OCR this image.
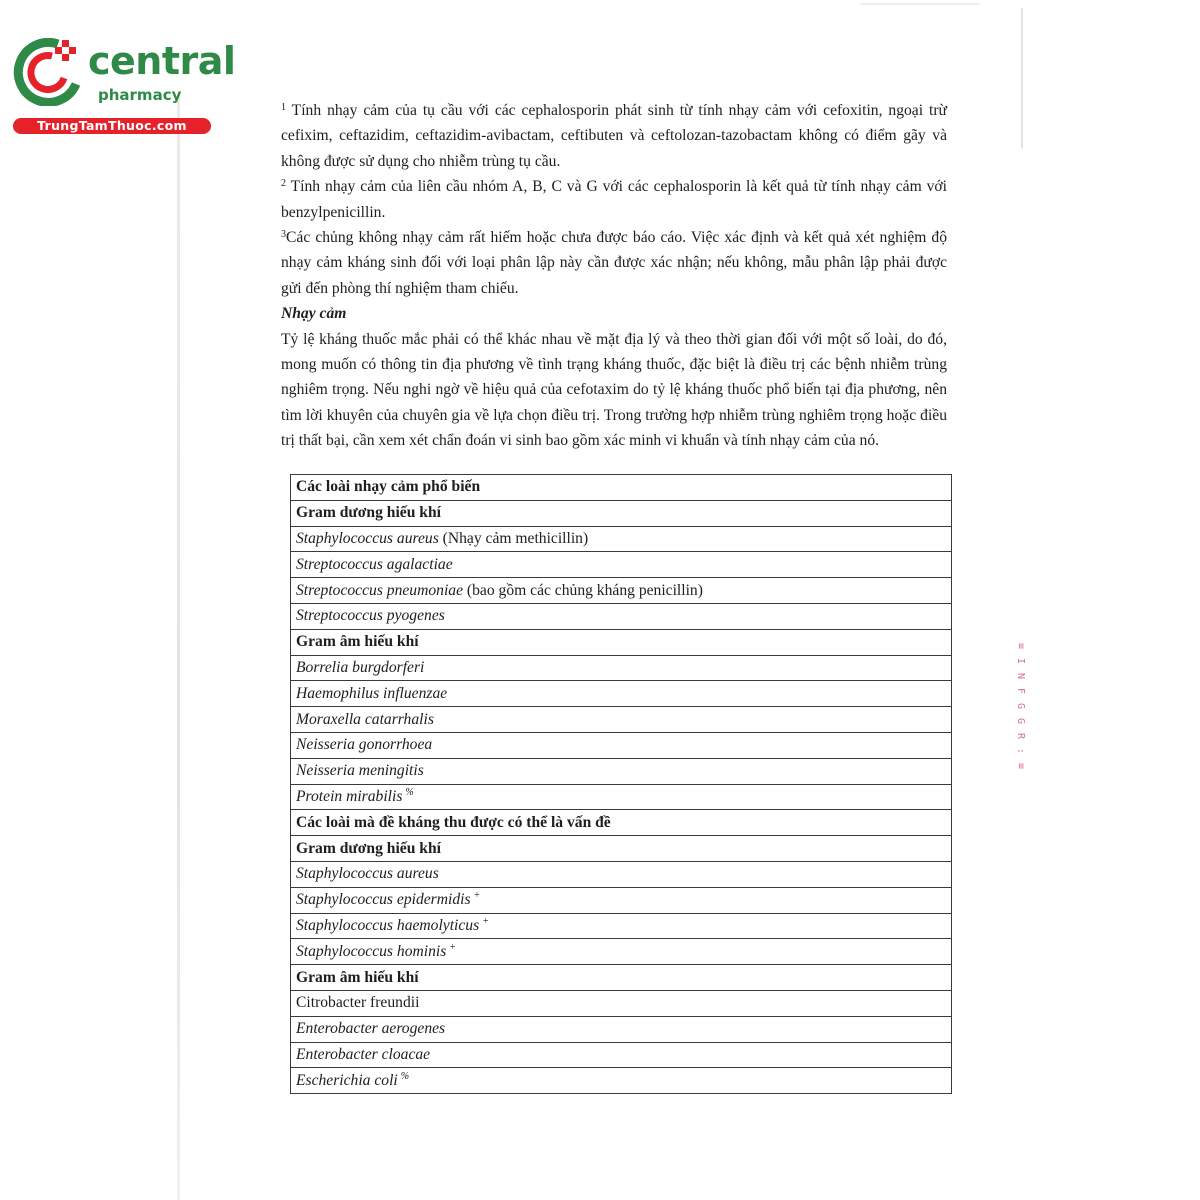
central
pharmacy
TrungTamThuoc.com

$^1$ Tính nhạy cảm của tụ cầu với các cephalosporin phát sinh từ tính nhạy cảm với cefoxitin, ngoại trừ cefixim, ceftazidim, ceftazidim-avibactam, ceftibuten và ceftolozan-tazobactam không có điểm gãy và không được sử dụng cho nhiễm trùng tụ cầu.

$^2$ Tính nhạy cảm của liên cầu nhóm A, B, C và G với các cephalosporin là kết quả từ tính nhạy cảm với benzylpenicillin.

$^3$Các chủng không nhạy cảm rất hiếm hoặc chưa được báo cáo. Việc xác định và kết quả xét nghiệm độ nhạy cảm kháng sinh đối với loại phân lập này cần được xác nhận; nếu không, mẫu phân lập phải được gửi đến phòng thí nghiệm tham chiếu.

Nhạy cảm

Tỷ lệ kháng thuốc mắc phải có thể khác nhau về mặt địa lý và theo thời gian đối với một số loài, do đó, mong muốn có thông tin địa phương về tình trạng kháng thuốc, đặc biệt là điều trị các bệnh nhiễm trùng nghiêm trọng. Nếu nghi ngờ về hiệu quả của cefotaxim do tỷ lệ kháng thuốc phổ biến tại địa phương, nên tìm lời khuyên của chuyên gia về lựa chọn điều trị. Trong trường hợp nhiễm trùng nghiêm trọng hoặc điều trị thất bại, cần xem xét chẩn đoán vi sinh bao gồm xác minh vi khuẩn và tính nhạy cảm của nó.

Các loài nhạy cảm phổ biến
Gram dương hiếu khí
Staphylococcus aureus (Nhạy cảm methicillin)
Streptococcus agalactiae
Streptococcus pneumoniae (bao gồm các chủng kháng penicillin)
Streptococcus pyogenes
Gram âm hiếu khí
Borrelia burgdorferi
Haemophilus influenzae
Moraxella catarrhalis
Neisseria gonorrhoea
Neisseria meningitis
Protein mirabilis %
Các loài mà đề kháng thu được có thể là vấn đề
Gram dương hiếu khí
Staphylococcus aureus
Staphylococcus epidermidis +
Staphylococcus haemolyticus +
Staphylococcus hominis +
Gram âm hiếu khí
Citrobacter freundii
Enterobacter aerogenes
Enterobacter cloacae
Escherichia coli %
≡
I
N
F
G
G
R
:
≡
